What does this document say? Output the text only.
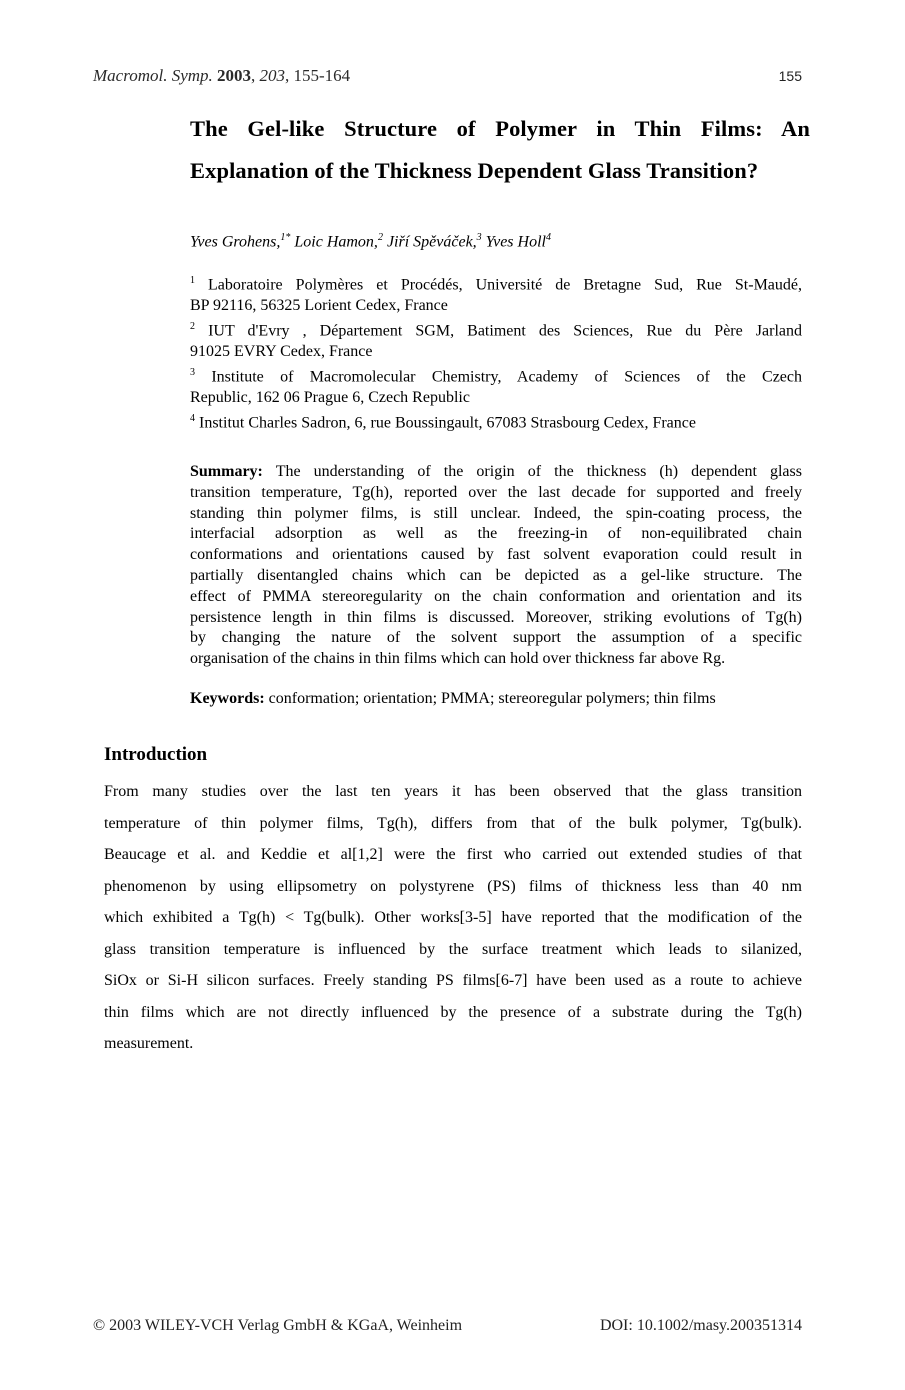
Macromol. Symp. 2003, 203, 155-164	155
The Gel-like Structure of Polymer in Thin Films: An
Explanation of the Thickness Dependent Glass Transition?
Yves Grohens,$^{1*}$ Loic Hamon,$^2$ Jiří Spěváček,$^3$ Yves Holl$^4$
$^1$ Laboratoire Polymères et Procédés, Université de Bretagne Sud, Rue St-Maudé,
BP 92116, 56325 Lorient Cedex, France
$^2$ IUT d'Evry , Département SGM, Batiment des Sciences, Rue du Père Jarland
91025 EVRY Cedex, France
$^3$ Institute of Macromolecular Chemistry, Academy of Sciences of the Czech
Republic, 162 06 Prague 6, Czech Republic
$^4$ Institut Charles Sadron, 6, rue Boussingault, 67083 Strasbourg Cedex, France
Summary: The understanding of the origin of the thickness (h) dependent glass
transition temperature, Tg(h), reported over the last decade for supported and freely
standing thin polymer films, is still unclear. Indeed, the spin-coating process, the
interfacial adsorption as well as the freezing-in of non-equilibrated chain
conformations and orientations caused by fast solvent evaporation could result in
partially disentangled chains which can be depicted as a gel-like structure. The
effect of PMMA stereoregularity on the chain conformation and orientation and its
persistence length in thin films is discussed. Moreover, striking evolutions of Tg(h)
by changing the nature of the solvent support the assumption of a specific
organisation of the chains in thin films which can hold over thickness far above Rg.
Keywords: conformation; orientation; PMMA; stereoregular polymers; thin films
Introduction
From many studies over the last ten years it has been observed that the glass transition
temperature of thin polymer films, Tg(h), differs from that of the bulk polymer, Tg(bulk).
Beaucage et al. and Keddie et al[1,2] were the first who carried out extended studies of that
phenomenon by using ellipsometry on polystyrene (PS) films of thickness less than 40 nm
which exhibited a Tg(h) < Tg(bulk). Other works[3-5] have reported that the modification of the
glass transition temperature is influenced by the surface treatment which leads to silanized,
SiOx or Si-H silicon surfaces. Freely standing PS films[6-7] have been used as a route to achieve
thin films which are not directly influenced by the presence of a substrate during the Tg(h)
measurement.
© 2003 WILEY-VCH Verlag GmbH & KGaA, Weinheim	DOI: 10.1002/masy.200351314
